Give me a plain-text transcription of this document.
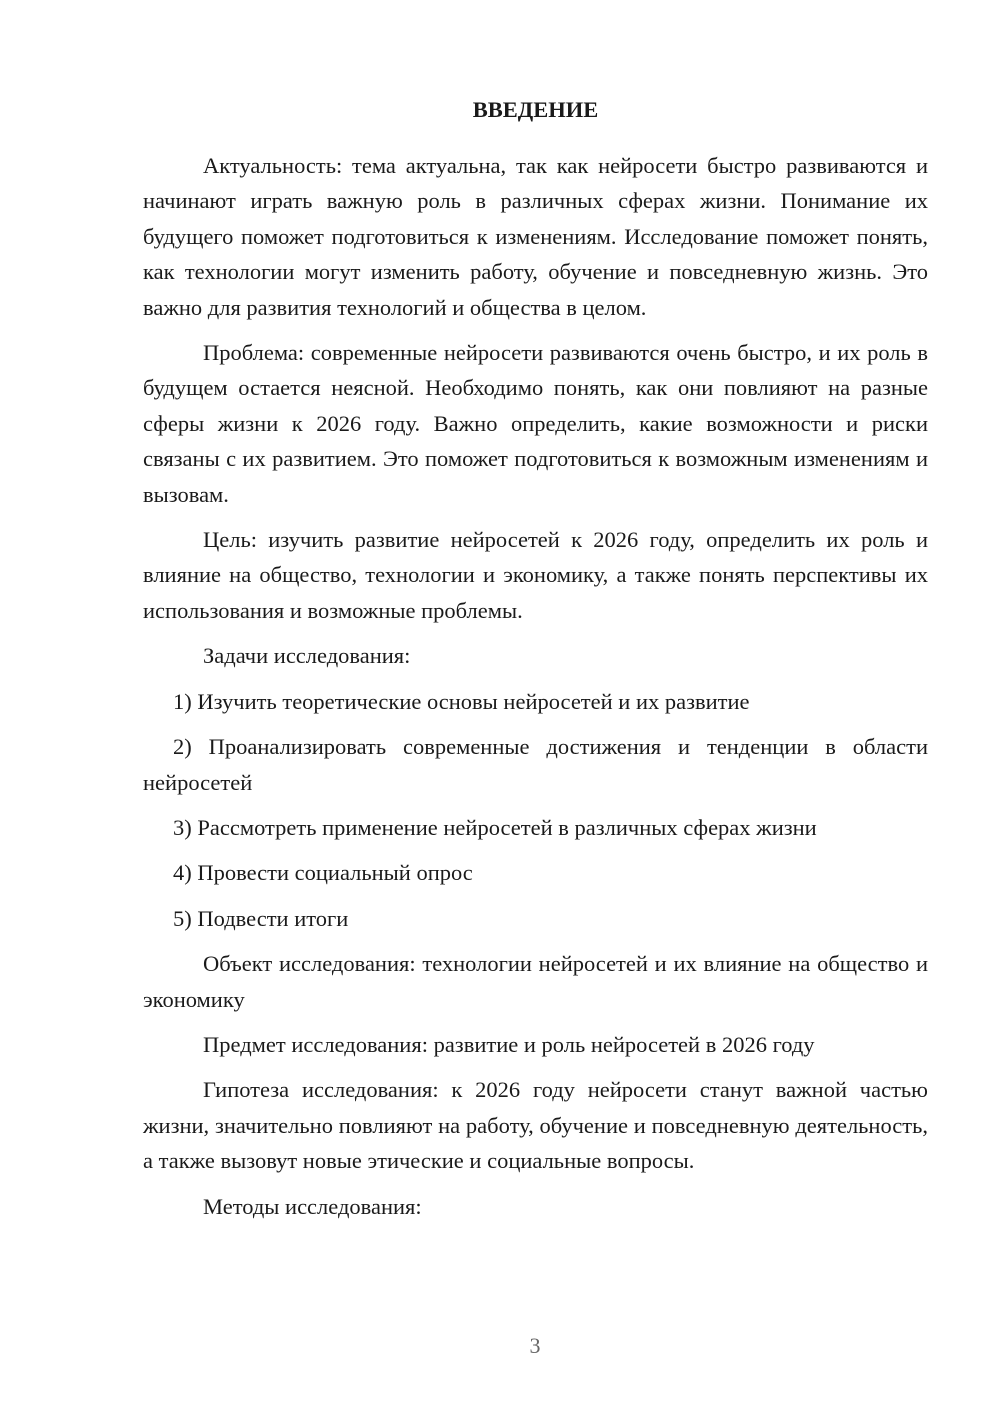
ВВЕДЕНИЕ

Актуальность: тема актуальна, так как нейросети быстро развиваются и начинают играть важную роль в различных сферах жизни. Понимание их будущего поможет подготовиться к изменениям. Исследование поможет понять, как технологии могут изменить работу, обучение и повседневную жизнь. Это важно для развития технологий и общества в целом.

Проблема: современные нейросети развиваются очень быстро, и их роль в будущем остается неясной. Необходимо понять, как они повлияют на разные сферы жизни к 2026 году. Важно определить, какие возможности и риски связаны с их развитием. Это поможет подготовиться к возможным изменениям и вызовам.

Цель: изучить развитие нейросетей к 2026 году, определить их роль и влияние на общество, технологии и экономику, а также понять перспективы их использования и возможные проблемы.

Задачи исследования:

1) Изучить теоретические основы нейросетей и их развитие

2) Проанализировать современные достижения и тенденции в области нейросетей

3) Рассмотреть применение нейросетей в различных сферах жизни

4) Провести социальный опрос

5) Подвести итоги

Объект исследования: технологии нейросетей и их влияние на общество и экономику

Предмет исследования: развитие и роль нейросетей в 2026 году

Гипотеза исследования: к 2026 году нейросети станут важной частью жизни, значительно повлияют на работу, обучение и повседневную деятельность, а также вызовут новые этические и социальные вопросы.

Методы исследования:

3
